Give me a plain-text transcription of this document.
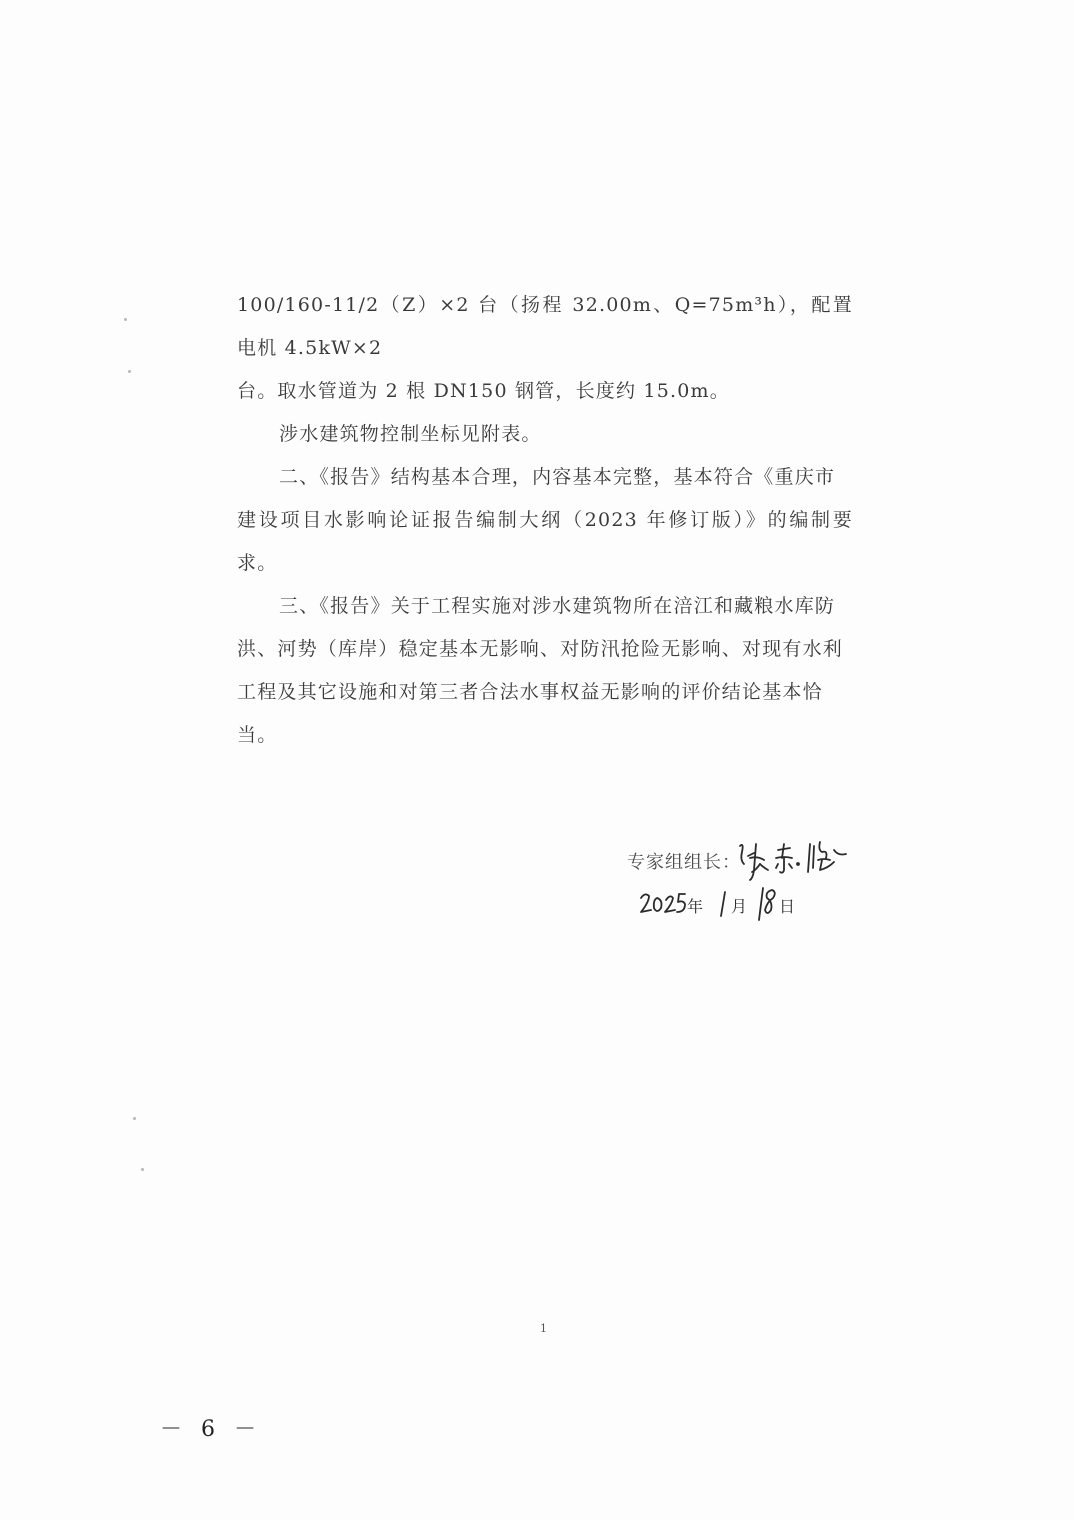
100/160-11/2（Z）×2 台（扬程 32.00m、Q=75m³h），配置电机 4.5kW×2
台。取水管道为 2 根 DN150 钢管，长度约 15.0m。

涉水建筑物控制坐标见附表。

二、《报告》结构基本合理，内容基本完整，基本符合《重庆市
建设项目水影响论证报告编制大纲（2023 年修订版）》的编制要求。

三、《报告》关于工程实施对涉水建筑物所在涪江和藏粮水库防
洪、河势（库岸）稳定基本无影响、对防汛抢险无影响、对现有水利
工程及其它设施和对第三者合法水事权益无影响的评价结论基本恰
当。

专家组组长：
年 月 日
1
－ 6 －
